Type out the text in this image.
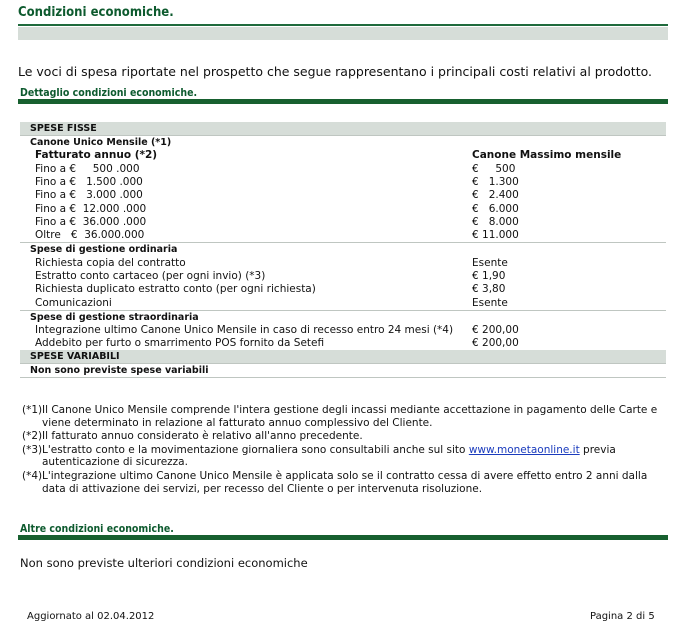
Condizioni economiche.
Le voci di spesa riportate nel prospetto che segue rappresentano i principali costi relativi al prodotto.
Dettaglio condizioni economiche.
SPESE FISSE	
Canone Unico Mensile (*1)	
Fatturato annuo (*2)	Canone Massimo mensile
Fino a €     500 .000	€     500
Fino a €   1.500 .000	€   1.300
Fino a €   3.000 .000	€   2.400
Fino a €  12.000 .000	€   6.000
Fino a €  36.000 .000	€   8.000
Oltre   €  36.000.000	€ 11.000
Spese di gestione ordinaria	
Richiesta copia del contratto	Esente
Estratto conto cartaceo (per ogni invio) (*3)	€ 1,90
Richiesta duplicato estratto conto (per ogni richiesta)	€ 3,80
Comunicazioni	Esente
Spese di gestione straordinaria	
Integrazione ultimo Canone Unico Mensile in caso di recesso entro 24 mesi (*4)	€ 200,00
Addebito per furto o smarrimento POS fornito da Setefi	€ 200,00
SPESE VARIABILI	
Non sono previste spese variabili	
(*1) Il Canone Unico Mensile comprende l'intera gestione degli incassi mediante accettazione in pagamento delle Carte e viene determinato in relazione al fatturato annuo complessivo del Cliente.
(*2) Il fatturato annuo considerato è relativo all'anno precedente.
(*3) L'estratto conto e la movimentazione giornaliera sono consultabili anche sul sito www.monetaonline.it previa autenticazione di sicurezza.
(*4) L'integrazione ultimo Canone Unico Mensile è applicata solo se il contratto cessa di avere effetto entro 2 anni dalla data di attivazione dei servizi, per recesso del Cliente o per intervenuta risoluzione.
Altre condizioni economiche.
Non sono previste ulteriori condizioni economiche
Aggiornato al 02.04.2012	Pagina 2 di 5
